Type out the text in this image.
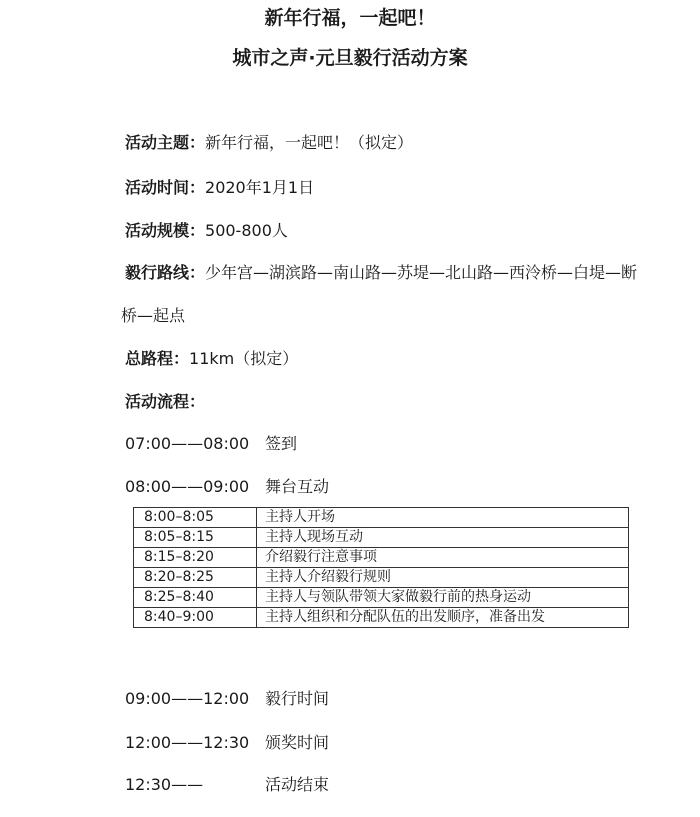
新年行福，一起吧！
城市之声·元旦毅行活动方案
活动主题：新年行福，一起吧！（拟定）
活动时间：2020年1月1日
活动规模：500-800人
毅行路线：少年宫—湖滨路—南山路—苏堤—北山路—西泠桥—白堤—断
桥—起点
总路程：11km（拟定）
活动流程：
07:00——08:00 签到
08:00——09:00 舞台互动
8:00–8:05	主持人开场
8:05–8:15	主持人现场互动
8:15–8:20	介绍毅行注意事项
8:20–8:25	主持人介绍毅行规则
8:25–8:40	主持人与领队带领大家做毅行前的热身运动
8:40–9:00	主持人组织和分配队伍的出发顺序，准备出发
09:00——12:00 毅行时间
12:00——12:30 颁奖时间
12:30——	活动结束
